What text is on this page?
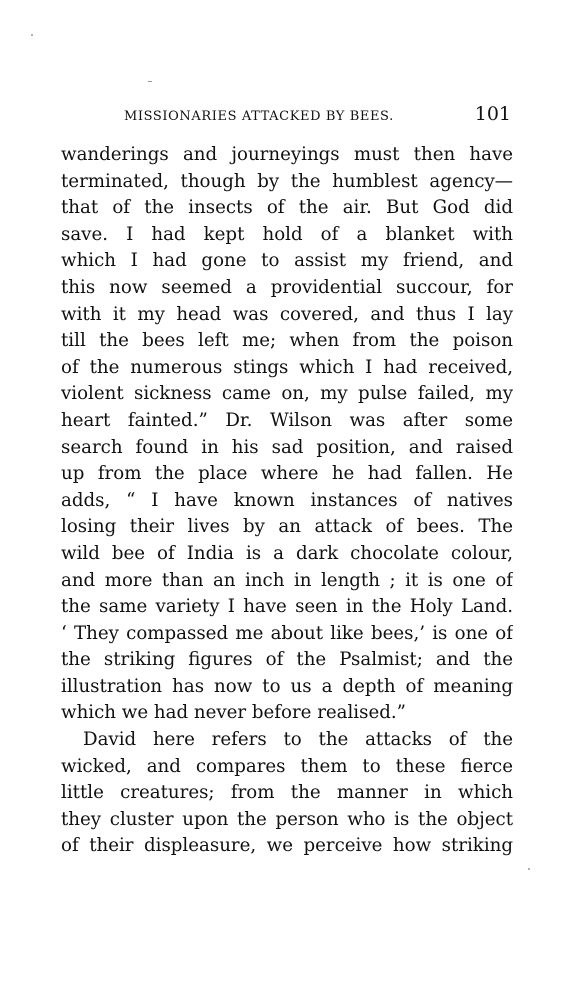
MISSIONARIES ATTACKED BY BEES.	101
wanderings and journeyings must then have
terminated, though by the humblest agency—
that of the insects of the air. But God did
save. I had kept hold of a blanket with
which I had gone to assist my friend, and
this now seemed a providential succour, for
with it my head was covered, and thus I lay
till the bees left me; when from the poison
of the numerous stings which I had received,
violent sickness came on, my pulse failed, my
heart fainted.” Dr. Wilson was after some
search found in his sad position, and raised
up from the place where he had fallen. He
adds, “ I have known instances of natives
losing their lives by an attack of bees. The
wild bee of India is a dark chocolate colour,
and more than an inch in length ; it is one of
the same variety I have seen in the Holy Land.
‘ They compassed me about like bees,’ is one of
the striking figures of the Psalmist; and the
illustration has now to us a depth of meaning
which we had never before realised.”
David here refers to the attacks of the
wicked, and compares them to these fierce
little creatures; from the manner in which
they cluster upon the person who is the object
of their displeasure, we perceive how striking
